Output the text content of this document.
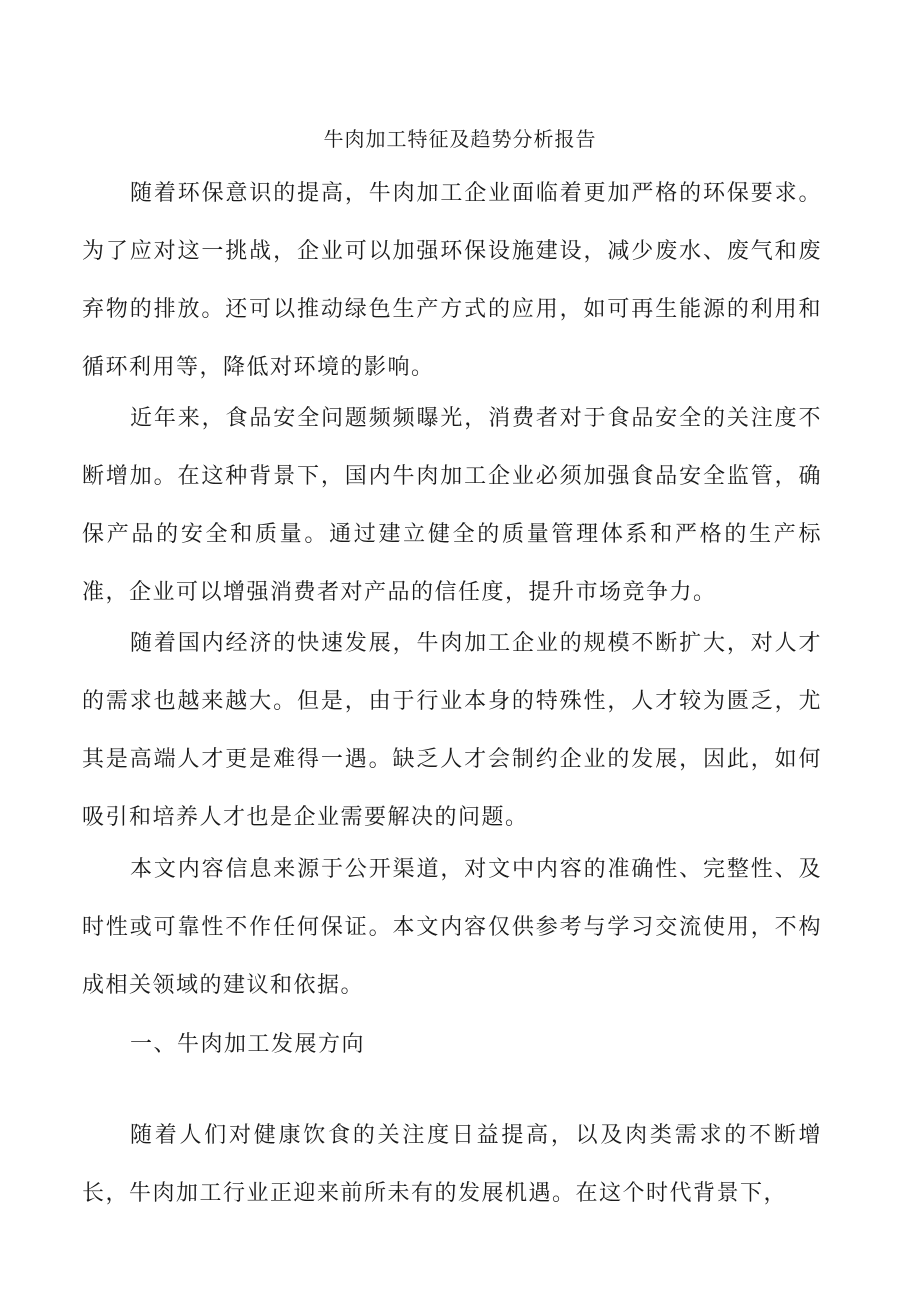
牛肉加工特征及趋势分析报告

随着环保意识的提高，牛肉加工企业面临着更加严格的环保要求。为了应对这一挑战，企业可以加强环保设施建设，减少废水、废气和废弃物的排放。还可以推动绿色生产方式的应用，如可再生能源的利用和循环利用等，降低对环境的影响。

近年来，食品安全问题频频曝光，消费者对于食品安全的关注度不断增加。在这种背景下，国内牛肉加工企业必须加强食品安全监管，确保产品的安全和质量。通过建立健全的质量管理体系和严格的生产标准，企业可以增强消费者对产品的信任度，提升市场竞争力。

随着国内经济的快速发展，牛肉加工企业的规模不断扩大，对人才的需求也越来越大。但是，由于行业本身的特殊性，人才较为匮乏，尤其是高端人才更是难得一遇。缺乏人才会制约企业的发展，因此，如何吸引和培养人才也是企业需要解决的问题。

本文内容信息来源于公开渠道，对文中内容的准确性、完整性、及时性或可靠性不作任何保证。本文内容仅供参考与学习交流使用，不构成相关领域的建议和依据。

一、牛肉加工发展方向

随着人们对健康饮食的关注度日益提高，以及肉类需求的不断增长，牛肉加工行业正迎来前所未有的发展机遇。在这个时代背景下，
